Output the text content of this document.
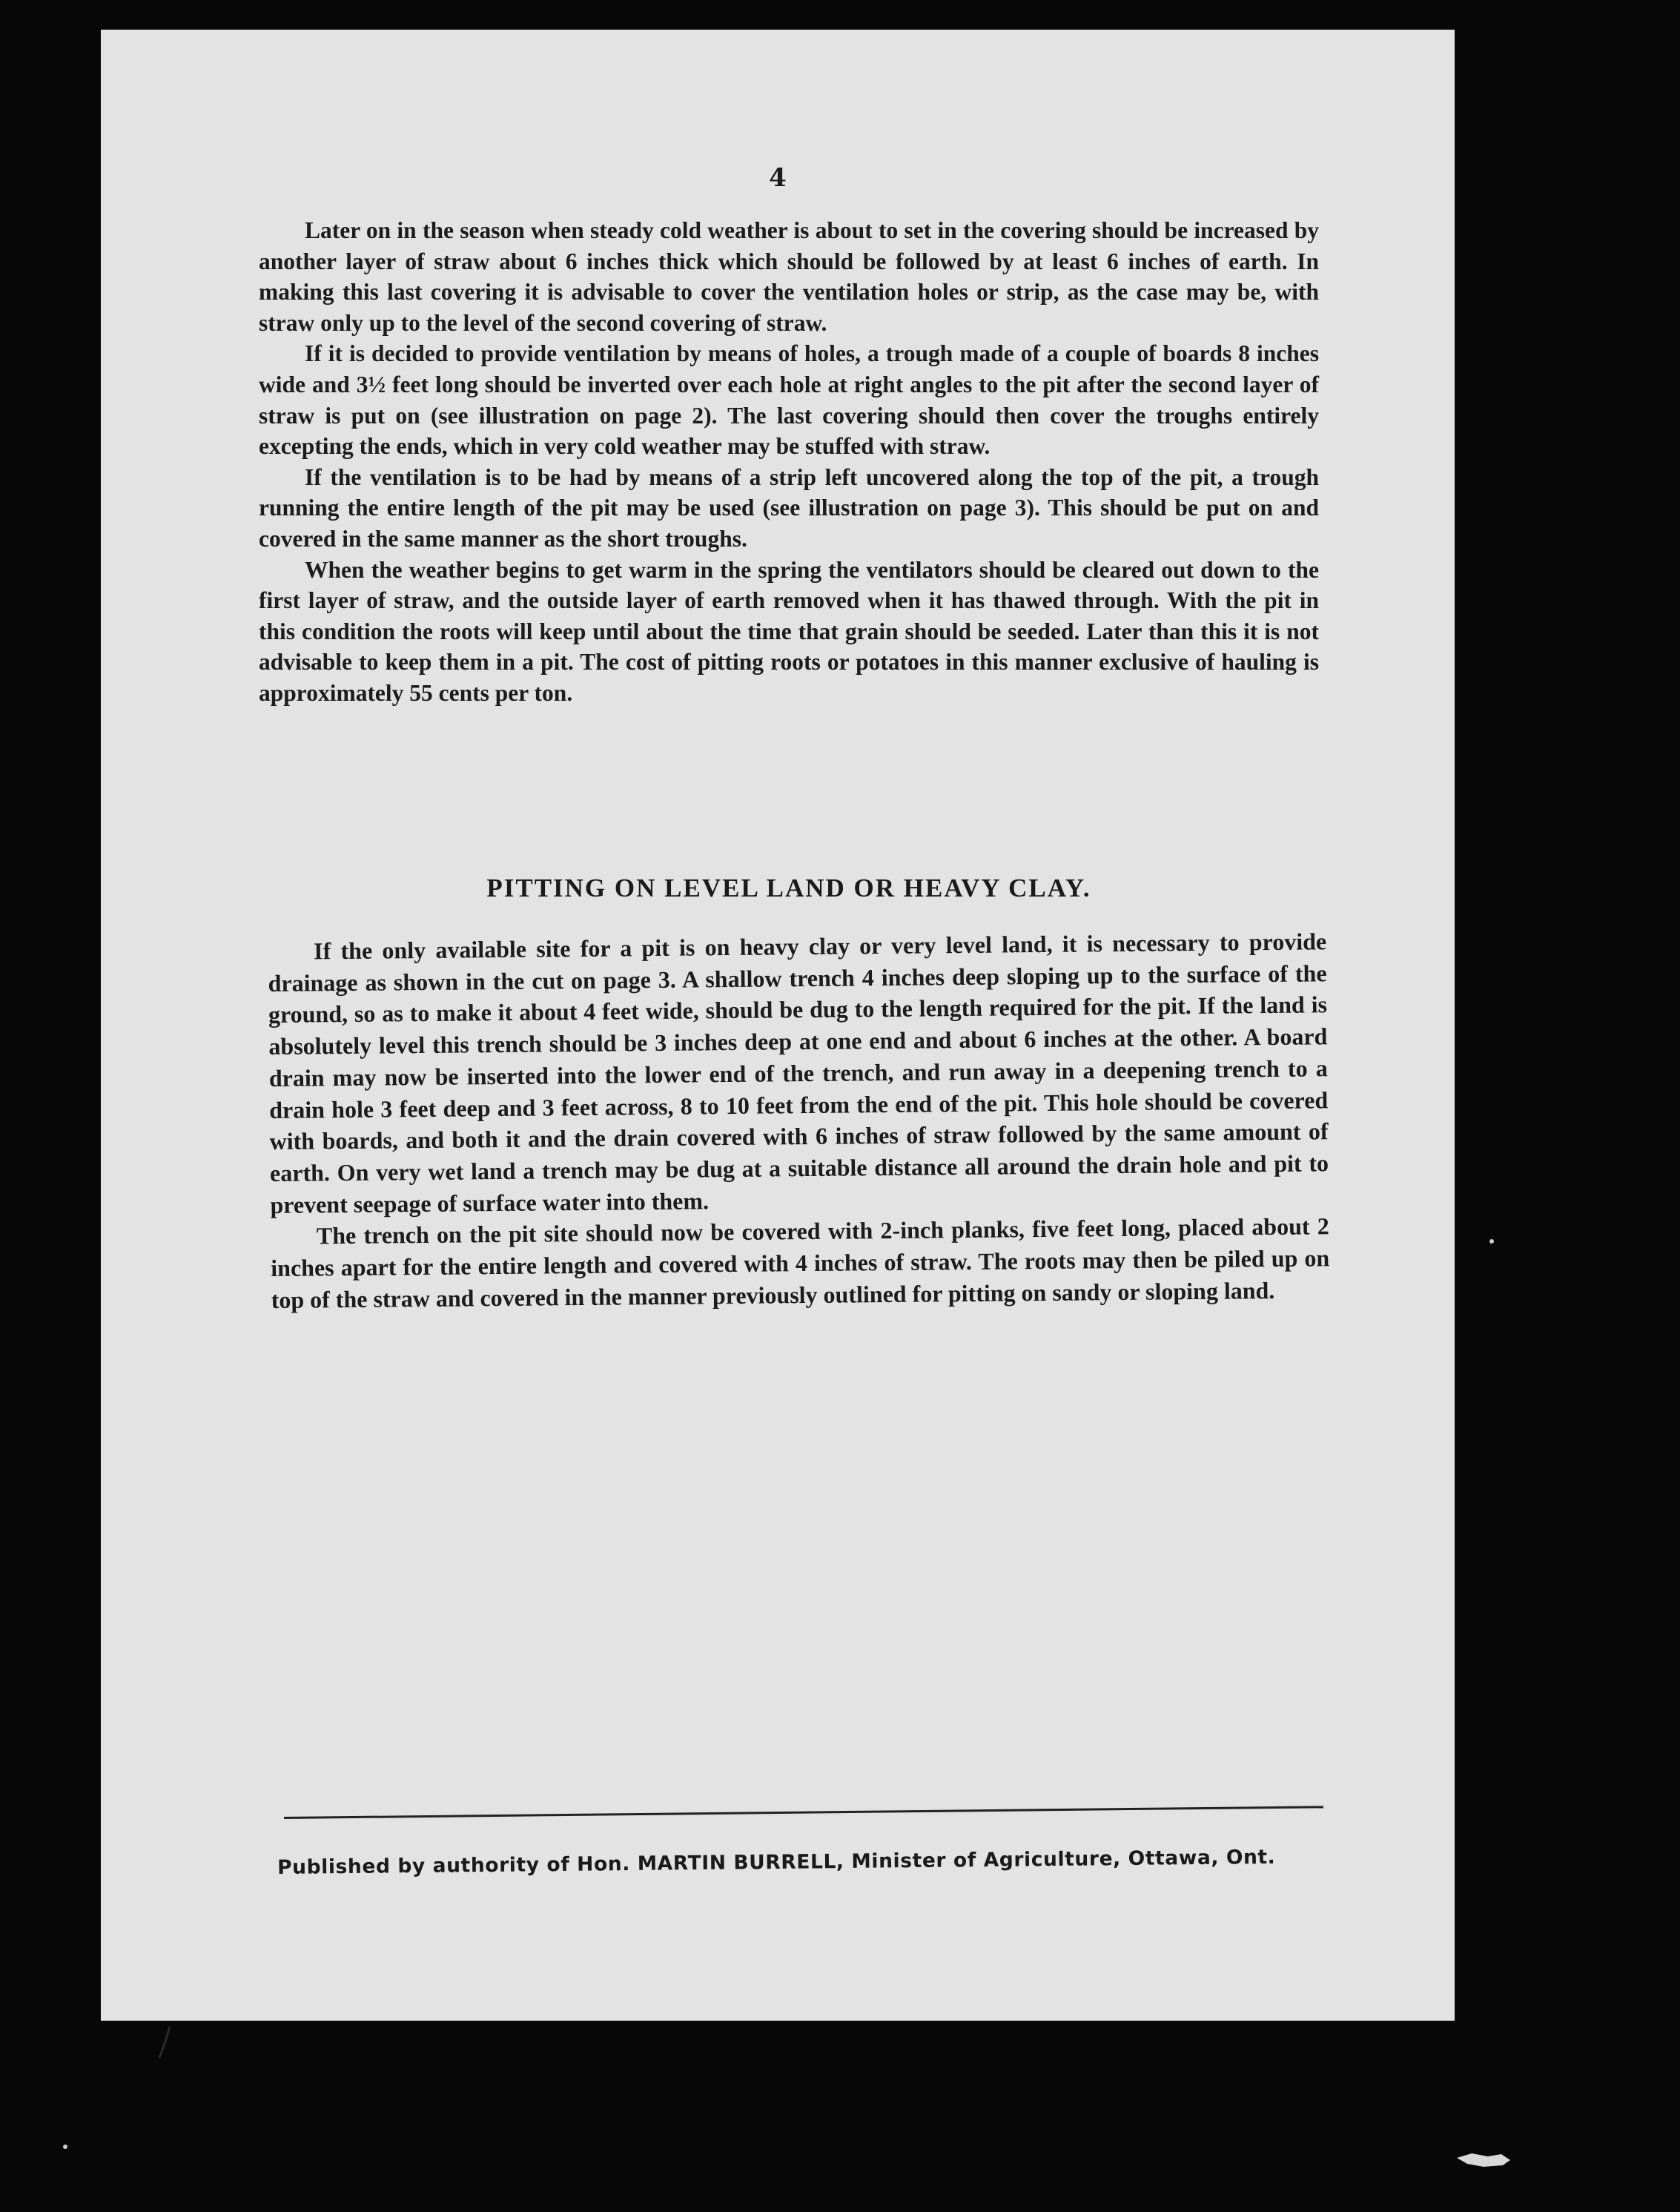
4

Later on in the season when steady cold weather is about to set in the covering should be increased by another layer of straw about 6 inches thick which should be followed by at least 6 inches of earth. In making this last covering it is advisable to cover the ventilation holes or strip, as the case may be, with straw only up to the level of the second covering of straw.

If it is decided to provide ventilation by means of holes, a trough made of a couple of boards 8 inches wide and 3½ feet long should be inverted over each hole at right angles to the pit after the second layer of straw is put on (see illustration on page 2). The last covering should then cover the troughs entirely excepting the ends, which in very cold weather may be stuffed with straw.

If the ventilation is to be had by means of a strip left uncovered along the top of the pit, a trough running the entire length of the pit may be used (see illustration on page 3). This should be put on and covered in the same manner as the short troughs.

When the weather begins to get warm in the spring the ventilators should be cleared out down to the first layer of straw, and the outside layer of earth removed when it has thawed through. With the pit in this condition the roots will keep until about the time that grain should be seeded. Later than this it is not advisable to keep them in a pit. The cost of pitting roots or potatoes in this manner exclusive of hauling is approximately 55 cents per ton.

PITTING ON LEVEL LAND OR HEAVY CLAY.

If the only available site for a pit is on heavy clay or very level land, it is necessary to provide drainage as shown in the cut on page 3. A shallow trench 4 inches deep sloping up to the surface of the ground, so as to make it about 4 feet wide, should be dug to the length required for the pit. If the land is absolutely level this trench should be 3 inches deep at one end and about 6 inches at the other. A board drain may now be inserted into the lower end of the trench, and run away in a deepening trench to a drain hole 3 feet deep and 3 feet across, 8 to 10 feet from the end of the pit. This hole should be covered with boards, and both it and the drain covered with 6 inches of straw followed by the same amount of earth. On very wet land a trench may be dug at a suitable distance all around the drain hole and pit to prevent seepage of surface water into them.

The trench on the pit site should now be covered with 2-inch planks, five feet long, placed about 2 inches apart for the entire length and covered with 4 inches of straw. The roots may then be piled up on top of the straw and covered in the manner previously outlined for pitting on sandy or sloping land.

Published by authority of Hon. MARTIN BURRELL, Minister of Agriculture, Ottawa, Ont.
